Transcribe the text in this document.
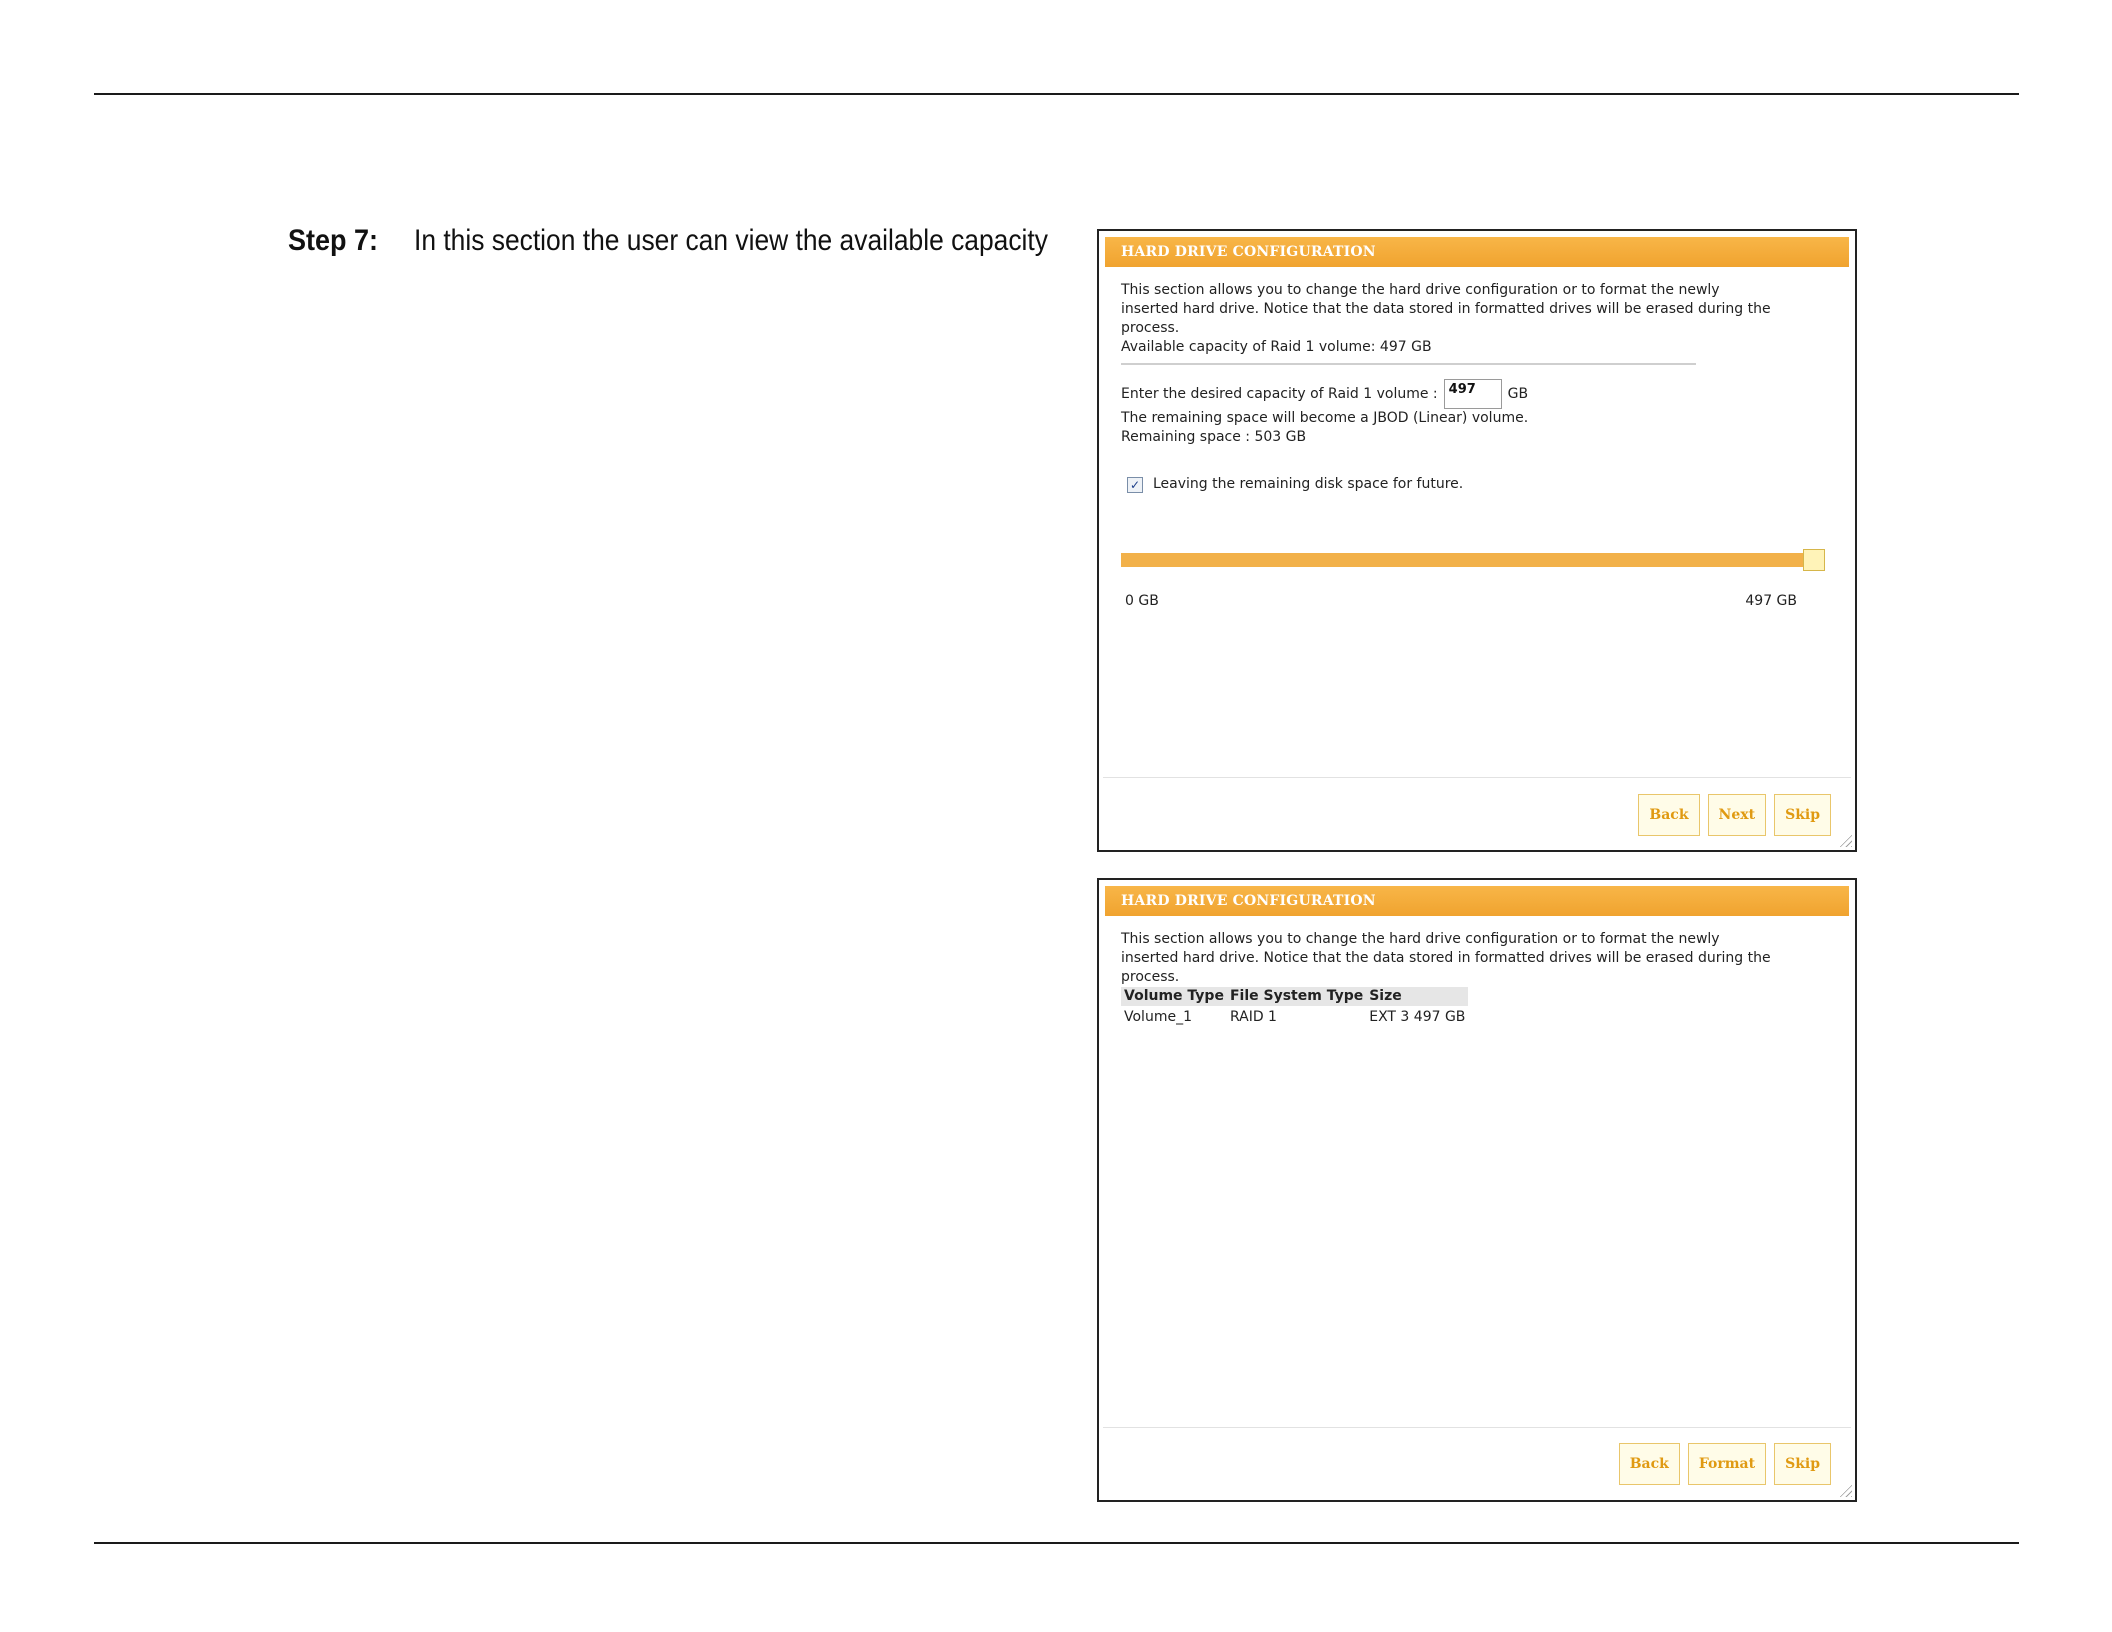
Step 7: In this section the user can view the available capacity	HARD DRIVE CONFIGURATION
This section allows you to change the hard drive configuration or to format the newly
inserted hard drive. Notice that the data stored in formatted drives will be erased during the
process.
Available capacity of Raid 1 volume: 497 GB
Enter the desired capacity of Raid 1 volume :
497	GB
The remaining space will become a JBOD (Linear) volume.
Remaining space : 503 GB
✓ Leaving the remaining disk space for future.
0 GB	497 GB
Back	Next	Skip
HARD DRIVE CONFIGURATION
This section allows you to change the hard drive configuration or to format the newly
inserted hard drive. Notice that the data stored in formatted drives will be erased during the
process.
Volume Type	File System Type	Size
Volume_1	RAID 1	EXT 3 497 GB
Back	Format	Skip
